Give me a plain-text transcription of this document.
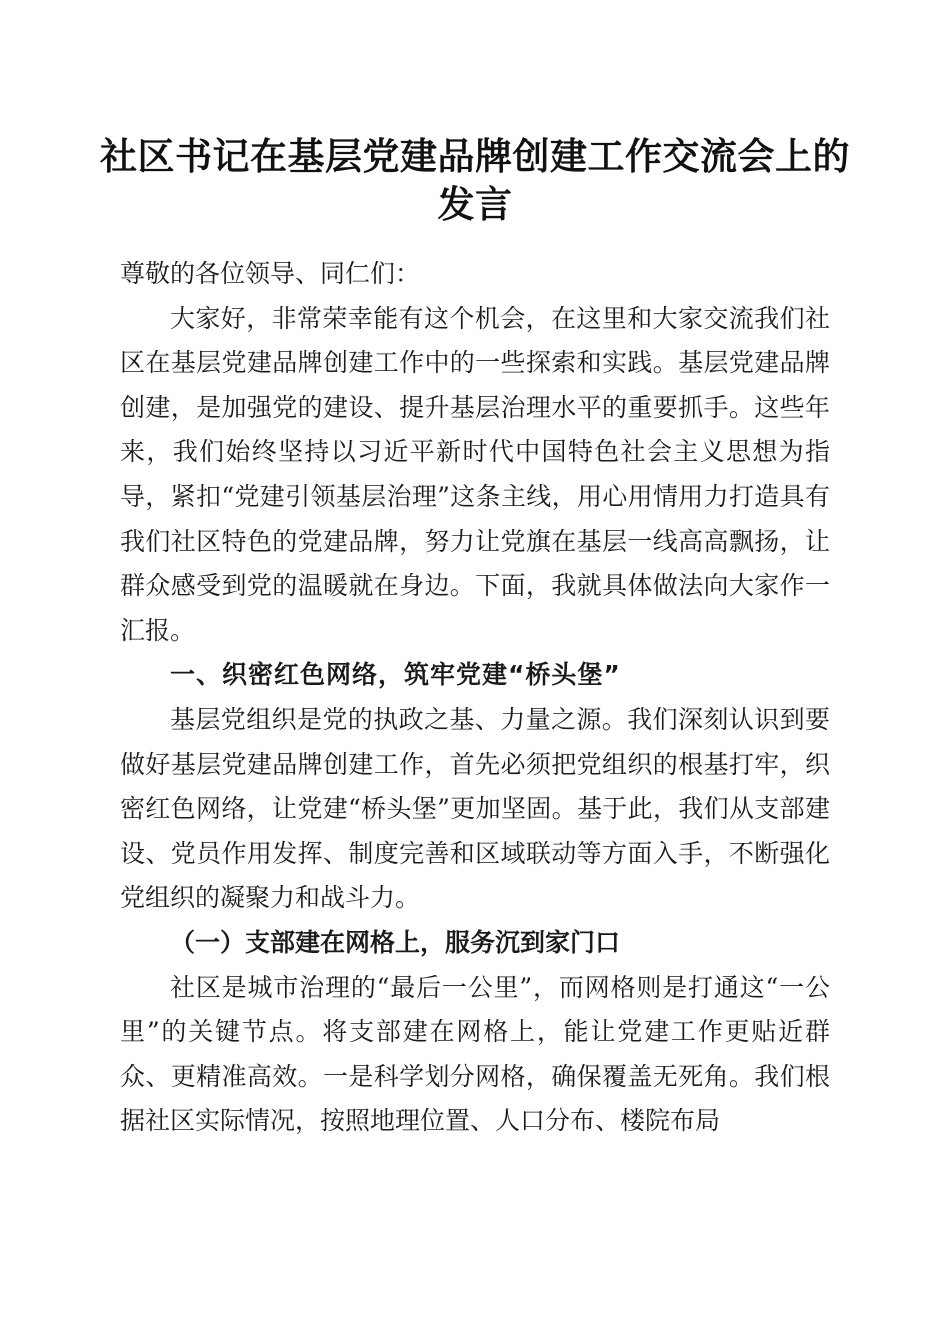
社区书记在基层党建品牌创建工作交流会上的
发言

尊敬的各位领导、同仁们：

大家好，非常荣幸能有这个机会，在这里和大家交流我们社区在基层党建品牌创建工作中的一些探索和实践。基层党建品牌创建，是加强党的建设、提升基层治理水平的重要抓手。这些年来，我们始终坚持以习近平新时代中国特色社会主义思想为指导，紧扣“党建引领基层治理”这条主线，用心用情用力打造具有我们社区特色的党建品牌，努力让党旗在基层一线高高飘扬，让群众感受到党的温暖就在身边。下面，我就具体做法向大家作一汇报。

一、织密红色网络，筑牢党建“桥头堡”

基层党组织是党的执政之基、力量之源。我们深刻认识到要做好基层党建品牌创建工作，首先必须把党组织的根基打牢，织密红色网络，让党建“桥头堡”更加坚固。基于此，我们从支部建设、党员作用发挥、制度完善和区域联动等方面入手，不断强化党组织的凝聚力和战斗力。

（一）支部建在网格上，服务沉到家门口

社区是城市治理的“最后一公里”，而网格则是打通这“一公里”的关键节点。将支部建在网格上，能让党建工作更贴近群众、更精准高效。一是科学划分网格，确保覆盖无死角。我们根据社区实际情况，按照地理位置、人口分布、楼院布局
